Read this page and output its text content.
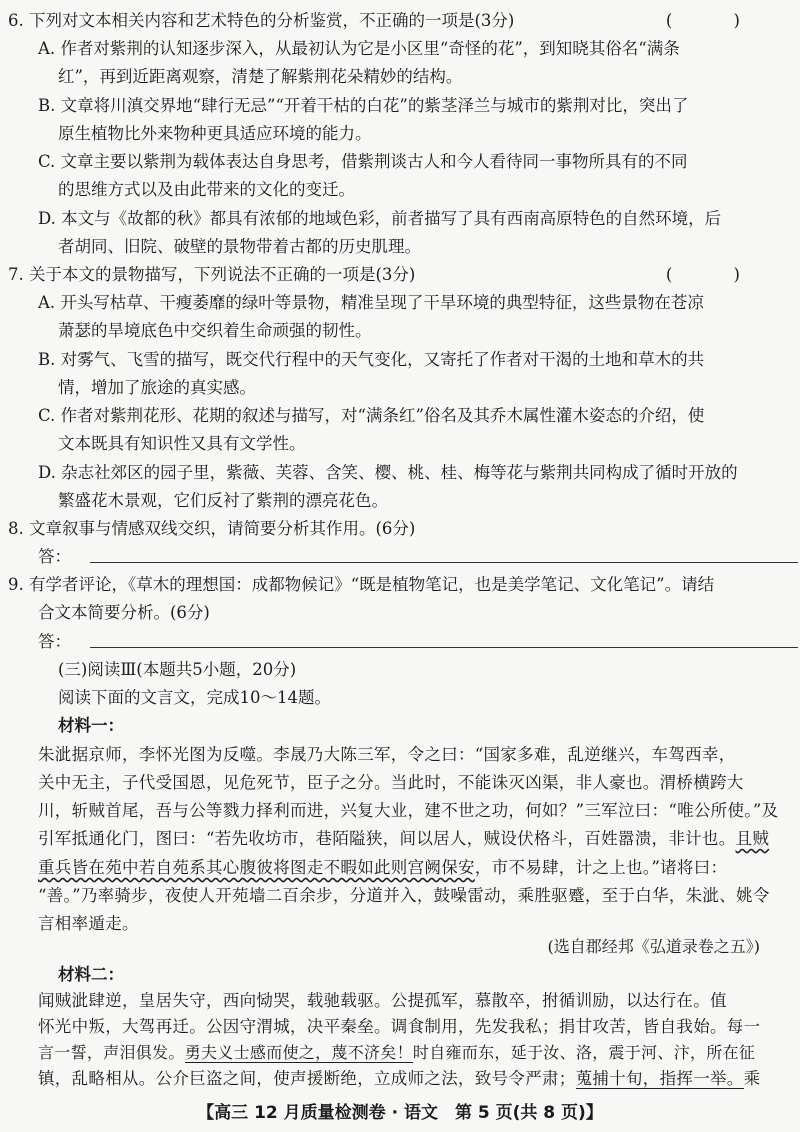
6. 下列对文本相关内容和艺术特色的分析鉴赏，不正确的一项是(3分)	( )
A. 作者对紫荆的认知逐步深入，从最初认为它是小区里“奇怪的花”，到知晓其俗名“满条
红”，再到近距离观察，清楚了解紫荆花朵精妙的结构。
B. 文章将川滇交界地“肆行无忌”“开着干枯的白花”的紫茎泽兰与城市的紫荆对比，突出了
原生植物比外来物种更具适应环境的能力。
C. 文章主要以紫荆为载体表达自身思考，借紫荆谈古人和今人看待同一事物所具有的不同
的思维方式以及由此带来的文化的变迁。
D. 本文与《故都的秋》都具有浓郁的地域色彩，前者描写了具有西南高原特色的自然环境，后
者胡同、旧院、破壁的景物带着古都的历史肌理。
7. 关于本文的景物描写，下列说法不正确的一项是(3分)	( )
A. 开头写枯草、干瘦萎靡的绿叶等景物，精准呈现了干旱环境的典型特征，这些景物在苍凉
萧瑟的旱境底色中交织着生命顽强的韧性。
B. 对雾气、飞雪的描写，既交代行程中的天气变化，又寄托了作者对干渴的土地和草木的共
情，增加了旅途的真实感。
C. 作者对紫荆花形、花期的叙述与描写，对“满条红”俗名及其乔木属性灌木姿态的介绍，使
文本既具有知识性又具有文学性。
D. 杂志社郊区的园子里，紫薇、芙蓉、含笑、樱、桃、桂、梅等花与紫荆共同构成了循时开放的
繁盛花木景观，它们反衬了紫荆的漂亮花色。
8. 文章叙事与情感双线交织，请简要分析其作用。(6分)
答：
9. 有学者评论，《草木的理想国：成都物候记》“既是植物笔记，也是美学笔记、文化笔记”。请结
合文本简要分析。(6分)
答：
(三)阅读Ⅲ(本题共5小题，20分)
阅读下面的文言文，完成10～14题。
材料一：
朱泚据京师，李怀光图为反噬。李晟乃大陈三军，令之曰：“国家多难，乱逆继兴，车驾西幸，
关中无主，子代受国恩，见危死节，臣子之分。当此时，不能诛灭凶渠，非人豪也。渭桥横跨大
川，斩贼首尾，吾与公等戮力择利而进，兴复大业，建不世之功，何如？”三军泣曰：“唯公所使。”及
引军抵通化门，图曰：“若先收坊市，巷陌隘狭，间以居人，贼设伏格斗，百姓嚣溃，非计也。且贼
重兵皆在苑中若自苑系其心腹彼将图走不暇如此则宫阙保安，市不易肆，计之上也。”诸将曰：
“善。”乃率骑步，夜使人开苑墙二百余步，分道并入，鼓噪雷动，乘胜驱蹙，至于白华，朱泚、姚令
言相率遁走。
(选自郡经邦《弘道录卷之五》)
材料二：
闻贼泚肆逆，皇居失守，西向恸哭，载驰载驱。公提孤军，慕散卒，拊循训励，以达行在。值
怀光中叛，大驾再迁。公因守渭城，决平秦垒。调食制用，先发我私；捐甘攻苦，皆自我始。每一
言一誓，声泪俱发。勇夫义士感而使之，蔑不济矣！时自雍而东，延于汝、洛，震于河、汴，所在征
【高三 12 月质量检测卷 · 语文　第 5 页(共 8 页)】
镇，乱略相从。公介巨盗之间，使声援断绝，立成师之法，致号令严肃；蒐捕十旬，指挥一举。乘
